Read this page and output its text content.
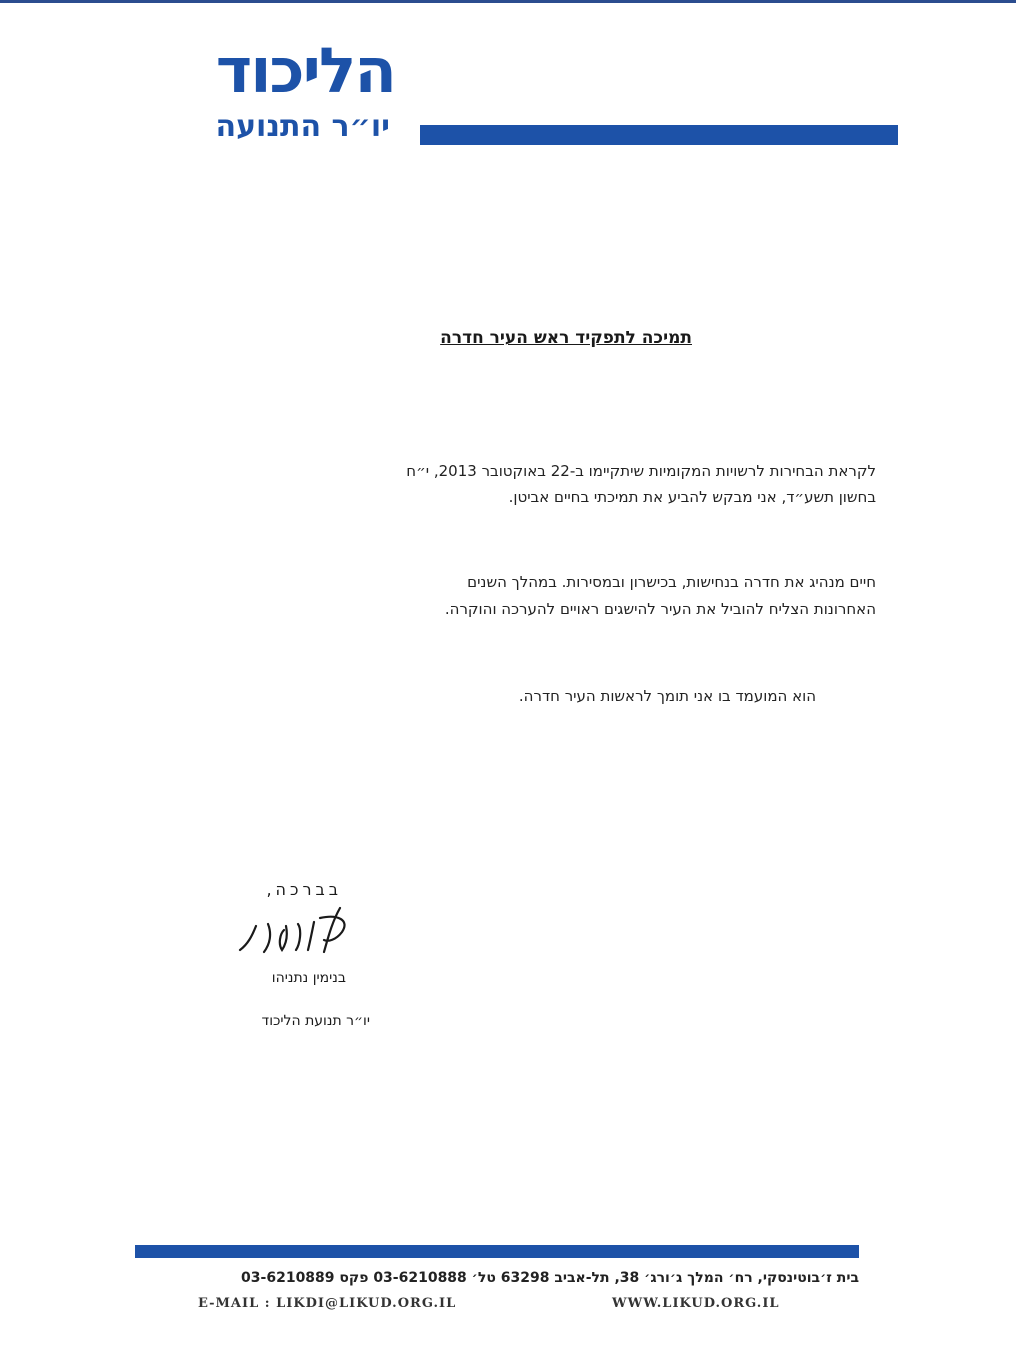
הליכוד
יו״ר התנועה
תמיכה לתפקיד ראש העיר חדרה
לקראת הבחירות לרשויות המקומיות שיתקיימו ב-22 באוקטובר 2013, י״ח
בחשון תשע״ד, אני מבקש להביע את תמיכתי בחיים אביטן.
חיים מנהיג את חדרה בנחישות, בכישרון ובמסירות. במהלך השנים
האחרונות הצליח להוביל את העיר להישגים ראויים להערכה והוקרה.
הוא המועמד בו אני תומך לראשות העיר חדרה.
בברכה,
בנימין נתניהו
יו״ר תנועת הליכוד
בית ז׳בוטינסקי, רח׳ המלך ג׳ורג׳ 38, תל-אביב 63298 טל׳ 03-6210888 פקס 03-6210889
E-MAIL : LIKDI@LIKUD.ORG.IL	WWW.LIKUD.ORG.IL
